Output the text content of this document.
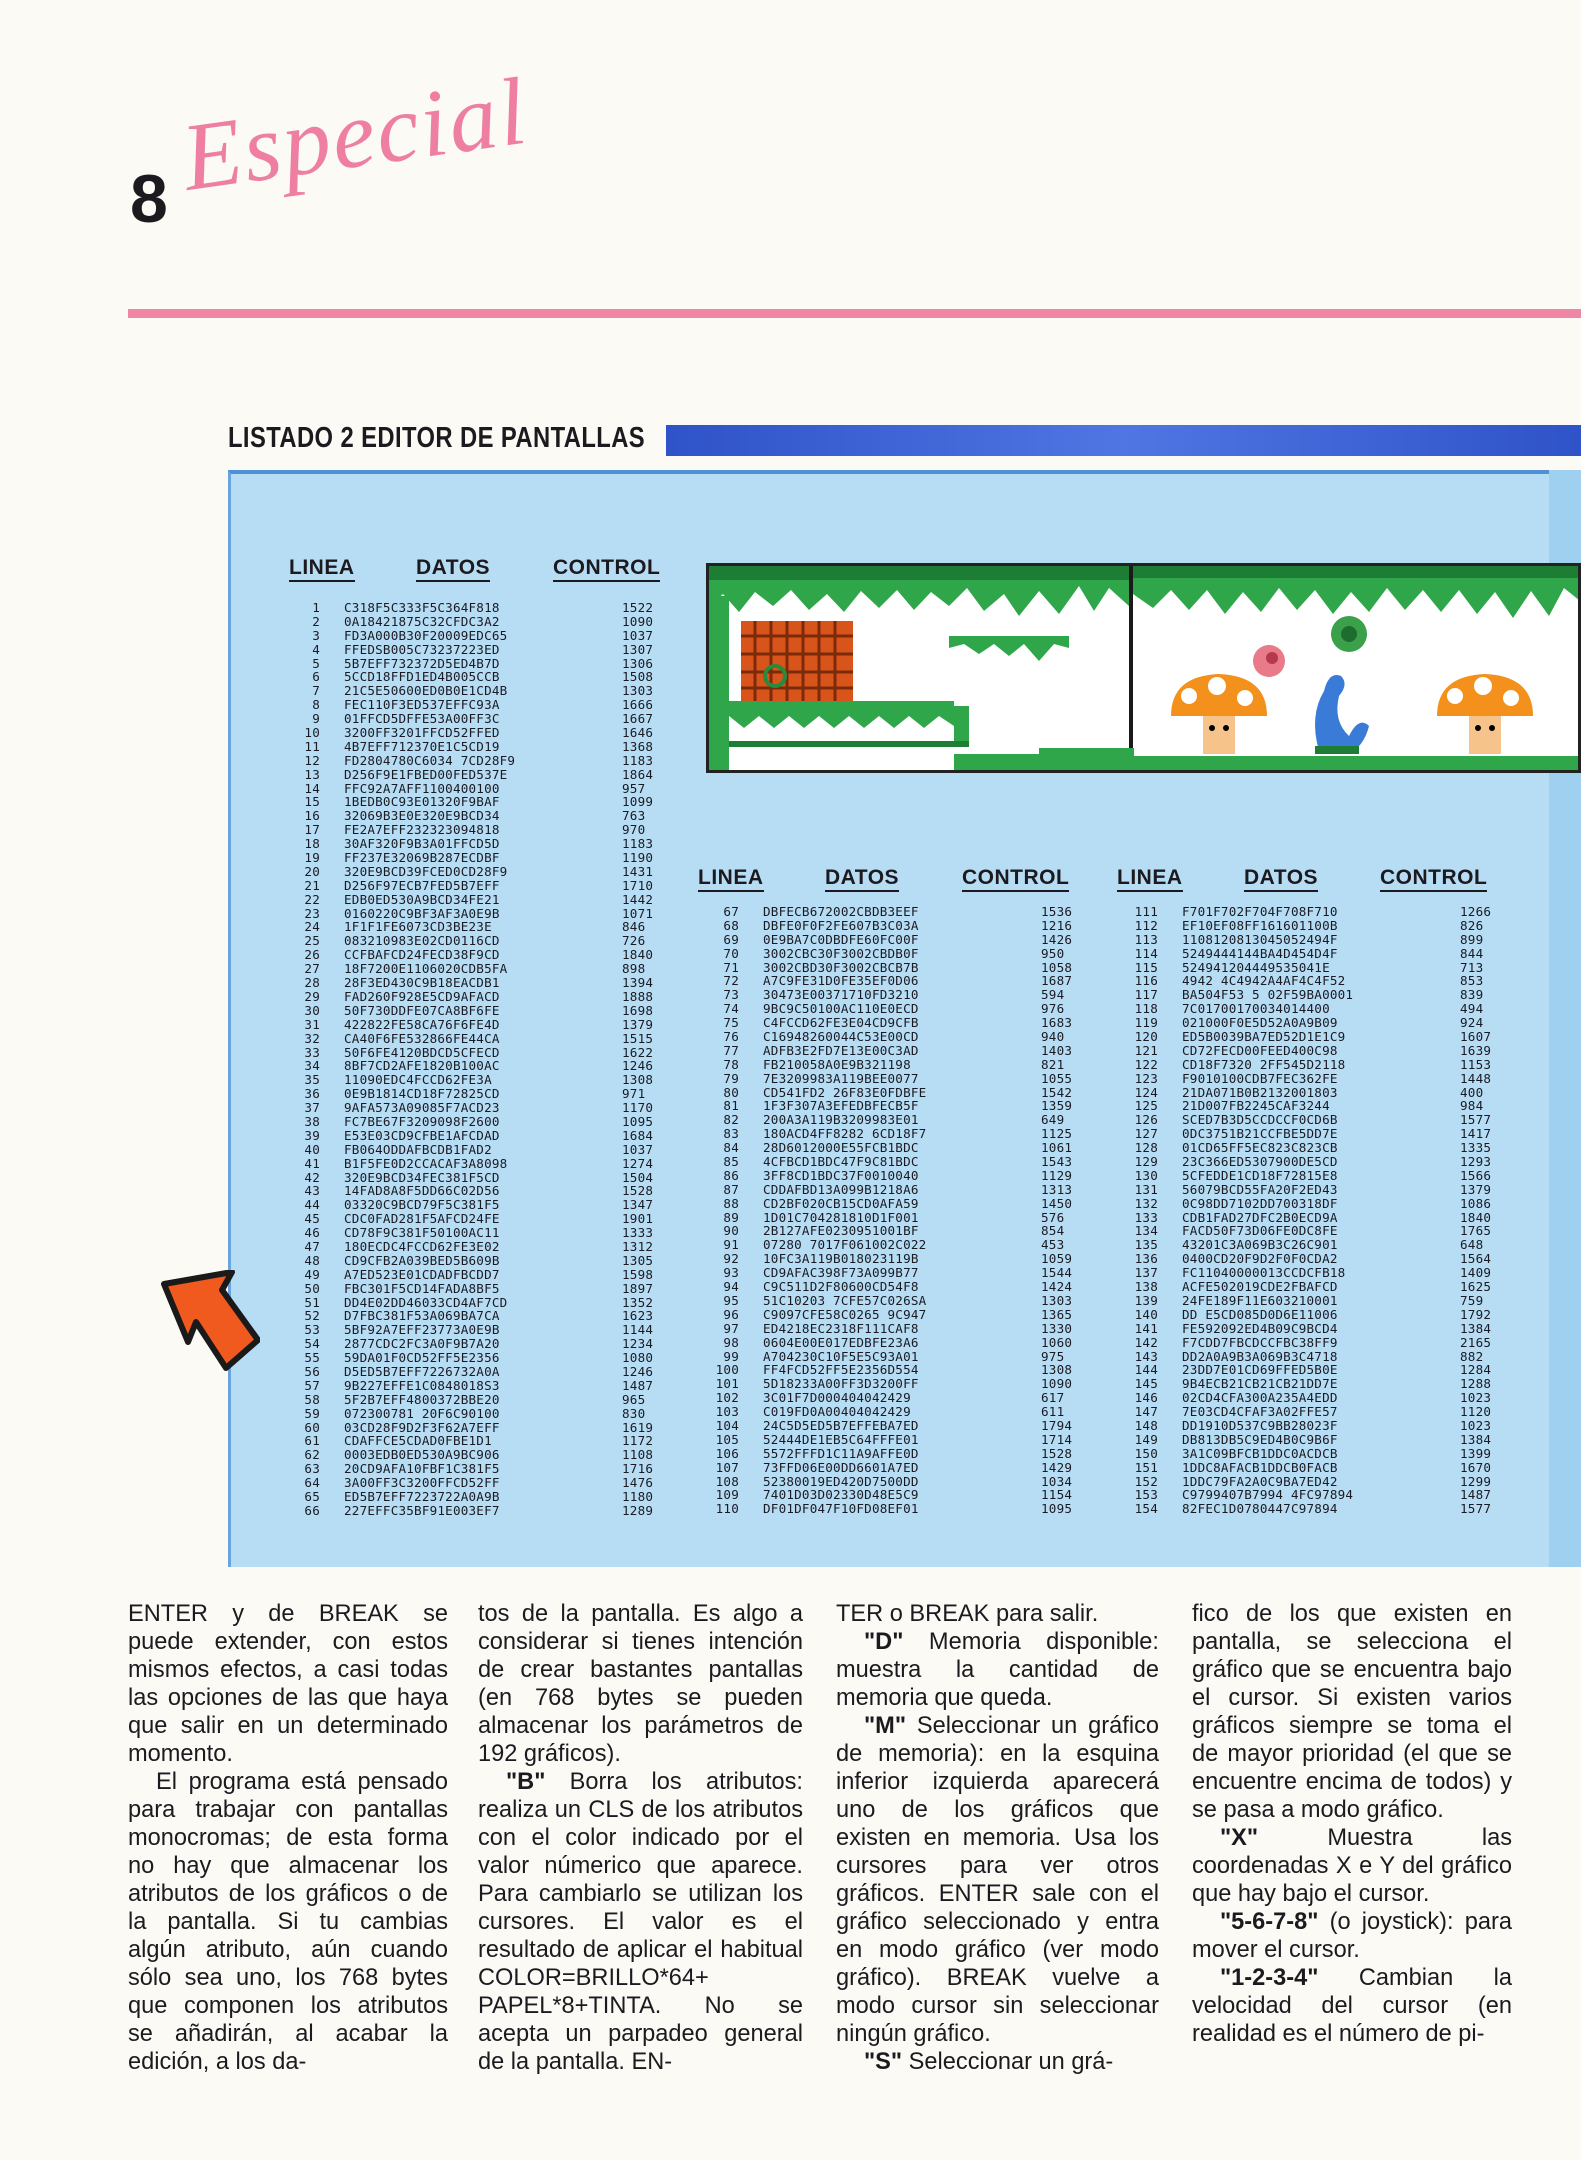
8 Especial
LISTADO 2 EDITOR DE PANTALLAS
LINEA	DATOS	CONTROL
LINEA	DATOS	CONTROL LINEA	DATOS	CONTROL
1 C318F5C333F5C364F818	1522
2 0A18421875C32CFDC3A2	1090
3 FD3A000B30F20009EDC65	1037
4 FFEDSB005C73237223ED	1307
5 5B7EFF732372D5ED4B7D	1306
6 5CCD18FFD1ED4B005CCB	1508
7 21C5E50600ED0B0E1CD4B	1303
8 FEC110F3ED537EFFC93A	1666
9 01FFCD5DFFE53A00FF3C	1667
10 3200FF3201FFCD52FFED	1646
11 4B7EFF712370E1C5CD19	1368
12 FD2804780C6034 7CD28F9	1183
13 D256F9E1FBED00FED537E	1864
14 FFC92A7AFF1100400100	957
15 1BEDB0C93E01320F9BAF	1099
16 32069B3E0E320E9BCD34	763
17 FE2A7EFF232323094818	970
18 30AF320F9B3A01FFCD5D	1183
19 FF237E32069B287ECDBF	1190
20 320E9BCD39FCED0CD28F9	1431
21 D256F97ECB7FED5B7EFF	1710
22 EDB0ED530A9BCD34FE21	1442
23 0160220C9BF3AF3A0E9B	1071
24 1F1F1FE6073CD3BE23E	846
25 083210983E02CD0116CD	726
26 CCFBAFCD24FECD38F9CD	1840
27 18F7200E1106020CDB5FA	898
28 28F3ED430C9B18EACDB1	1394
29 FAD260F928E5CD9AFACD	1888
30 50F730DDFE07CA8BF6FE	1698
31 422822FE58CA76F6FE4D	1379
32 CA40F6FE532866FE44CA	1515
33 50F6FE4120BDCD5CFECD	1622
34 8BF7CD2AFE1820B100AC	1246
35 11090EDC4FCCD62FE3A	1308
36 0E9B1814CD18F72825CD	971
37 9AFA573A09085F7ACD23	1170
38 FC7BE67F3209098F2600	1095
39 E53E03CD9CFBE1AFCDAD	1684
40 FB064ODDAFBCDB1FAD2	1037
41 B1F5FE0D2CCACAF3A8098	1274
42 320E9BCD34FEC381F5CD	1504
43 14FAD8A8F5DD66C02D56	1528
44 03320C9BCD79F5C381F5	1347
45 CDC0FAD281F5AFCD24FE	1901
46 CD78F9C381F50100AC11	1333
47 180ECDC4FCCD62FE3E02	1312
48 CD9CFB2A039BED5B609B	1305
49 A7ED523E01CDADFBCDD7	1598
50 FBC301F5CD14FADA8BF5	1897
51 DD4E02DD46033CD4AF7CD	1352
52 D7FBC381F53A069BA7CA	1623
53 5BF92A7EFF23773A0E9B	1144
54 2877CDC2FC3A0F9B7A20	1234
55 59DA01F0CD52FF5E2356	1080
56 D5ED5B7EFF7226732A0A	1246
57 9B227EFFE1C0848018S3	1487
58 5F2B7EFF4800372BBE20	965
59 072300781 20F6C90100	830
60 03CD28F9D2F3F62A7EFF	1619
61 CDAFFCE5CDAD0FBE1D1	1172
62 0003EDB0ED530A9BC906	1108
63 20CD9AFA10FBF1C381F5	1716
64 3A00FF3C3200FFCD52FF	1476
65 ED5B7EFF7223722A0A9B	1180
66 227EFFC35BF91E003EF7	1289
67 DBFECB672002CBDB3EEF	1536
68 DBFE0F0F2FE607B3C03A	1216
69 0E9BA7C0DBDFE60FC00F	1426
70 3002CBC30F3002CBDB0F	950
71 3002CBD30F3002CBCB7B	1058
72 A7C9FE31D0FE35EF0D06	1687
73 30473E00371710FD3210	594
74 9BC9C50100AC110E0ECD	976
75 C4FCCD62FE3E04CD9CFB	1683
76 C16948260044C53E00CD	940
77 ADFB3E2FD7E13E00C3AD	1403
78 FB210058A0E9B321198	821
79 7E3209983A119BEE0077	1055
80 CD541FD2 26F83E0FDBFE	1542
81 1F3F307A3EFEDBFECB5F	1359
82 200A3A119B3209983E01	649
83 180ACD4FF8282 6CD18F7	1125
84 28D6012000E55FCB1BDC	1061
85 4CFBCD1BDC47F9C81BDC	1543
86 3FF8CD1BDC37F0010040	1129
87 CDDAFBD13A099B1218A6	1313
88 CD2BF020CB15CD0AFA59	1450
89 1D01C704281810D1F001	576
90 2B127AFE0230951001BF	854
91 07280 7017F061002C022	453
92 10FC3A119B018023119B	1059
93 CD9AFAC398F73A099B77	1544
94 C9C511D2F80600CD54F8	1424
95 51C10203 7CFE57C026SA	1303
96 C9097CFE58C0265 9C947	1365
97 ED4218EC2318F111CAF8	1330
98 0604E00E017EDBFE23A6	1060
99 A704230C10F5E5C93A01	975
100 FF4FCD52FF5E2356D554	1308
101 5D18233A00FF3D3200FF	1090
102 3C01F7D000404042429	617
103 C019FD0A00404042429	611
104 24C5D5ED5B7EFFEBA7ED	1794
105 52444DE1EB5C64FFFE01	1714
106 5572FFFD1C11A9AFFE0D	1528
107 73FFD06E00DD6601A7ED	1429
108 52380019ED420D7500DD	1034
109 7401D03D02330D48E5C9	1154
110 DF01DF047F10FD08EF01	1095
111 F701F702F704F708F710	1266
112 EF10EF08FF161601100B	826
113 1108120813045052494F	899
114 5249444144BA4D454D4F	844
115 524941204449535041E	713
116 4942 4C4942A4AF4C4F52	853
117 BA504F53 5 02F59BA0001	839
118 7C01700170034014400	494
119 021000F0E5D52A0A9B09	924
120 ED5B0039BA7ED52D1E1C9	1607
121 CD72FECD00FEED400C98	1639
122 CD18F7320 2FF545D2118	1153
123 F9010100CDB7FEC362FE	1448
124 21DA071B0B2132001803	400
125 21D007FB2245CAF3244	984
126 SCED7B3D5CCDCCF0CD6B	1577
127 0DC3751B21CCFBE5DD7E	1417
128 01CD65FF5EC823C823CB	1335
129 23C366ED5307900DE5CD	1293
130 5CFEDDE1CD18F72815E8	1566
131 56079BCD55FA20F2ED43	1379
132 0C98DD7102DD700318DF	1086
133 CDB1FAD27DFC2B0ECD9A	1840
134 FACD50F73D06FE0DC8FE	1765
135 43201C3A069B3C26C901	648
136 0400CD20F9D2F0F0CDA2	1564
137 FC11040000013CCDCFB18	1409
138 ACFE502019CDE2FBAFCD	1625
139 24FE189F11E603210001	759
140 DD E5CD085D0D6E11006	1792
141 FE592092ED4B09C9BCD4	1384
142 F7CDD7FBCDCCFBC38FF9	2165
143 DD2A0A9B3A069B3C4718	882
144 23DD7E01CD69FFED5B0E	1284
145 9B4ECB21CB21CB21DD7E	1288
146 02CD4CFA300A235A4EDD	1023
147 7E03CD4CFAF3A02FFE57	1120
148 DD1910D537C9BB28023F	1023
149 DB813DB5C9ED4B0C9B6F	1384
150 3A1C09BFCB1DDC0ACDCB	1399
151 1DDC8AFACB1DDCB0FACB	1670
152 1DDC79FA2A0C9BA7ED42	1299
153 C9799407B7994 4FC97894	1487
154 82FEC1D0780447C97894	1577

ENTER y de BREAK se puede extender, con estos mismos efectos, a casi todas las opciones de las que haya que salir en un determinado momento.

El programa está pensado para trabajar con pantallas monocromas; de esta forma no hay que almacenar los atributos de los gráficos o de la pantalla. Si tu cambias algún atributo, aún cuando sólo sea uno, los 768 bytes que componen los atributos se añadirán, al acabar la edición, a los da-

tos de la pantalla. Es algo a considerar si tienes intención de crear bastantes pantallas (en 768 bytes se pueden almacenar los parámetros de 192 gráficos).

"B" Borra los atributos: realiza un CLS de los atributos con el color indicado por el valor númerico que aparece. Para cambiarlo se utilizan los cursores. El valor es el resultado de aplicar el habitual COLOR=BRILLO*64+ PAPEL*8+TINTA. No se acepta un parpadeo general de la pantalla. EN-

TER o BREAK para salir.

"D" Memoria disponible: muestra la cantidad de memoria que queda.

"M" Seleccionar un gráfico de memoria): en la esquina inferior izquierda aparecerá uno de los gráficos que existen en memoria. Usa los cursores para ver otros gráficos. ENTER sale con el gráfico seleccionado y entra en modo gráfico (ver modo gráfico). BREAK vuelve a modo cursor sin seleccionar ningún gráfico.

"S" Seleccionar un grá-

fico de los que existen en pantalla, se selecciona el gráfico que se encuentra bajo el cursor. Si existen varios gráficos siempre se toma el de mayor prioridad (el que se encuentre encima de todos) y se pasa a modo gráfico.

"X" Muestra las coordenadas X e Y del gráfico que hay bajo el cursor.

"5-6-7-8" (o joystick): para mover el cursor.

"1-2-3-4" Cambian la velocidad del cursor (en realidad es el número de pi-
